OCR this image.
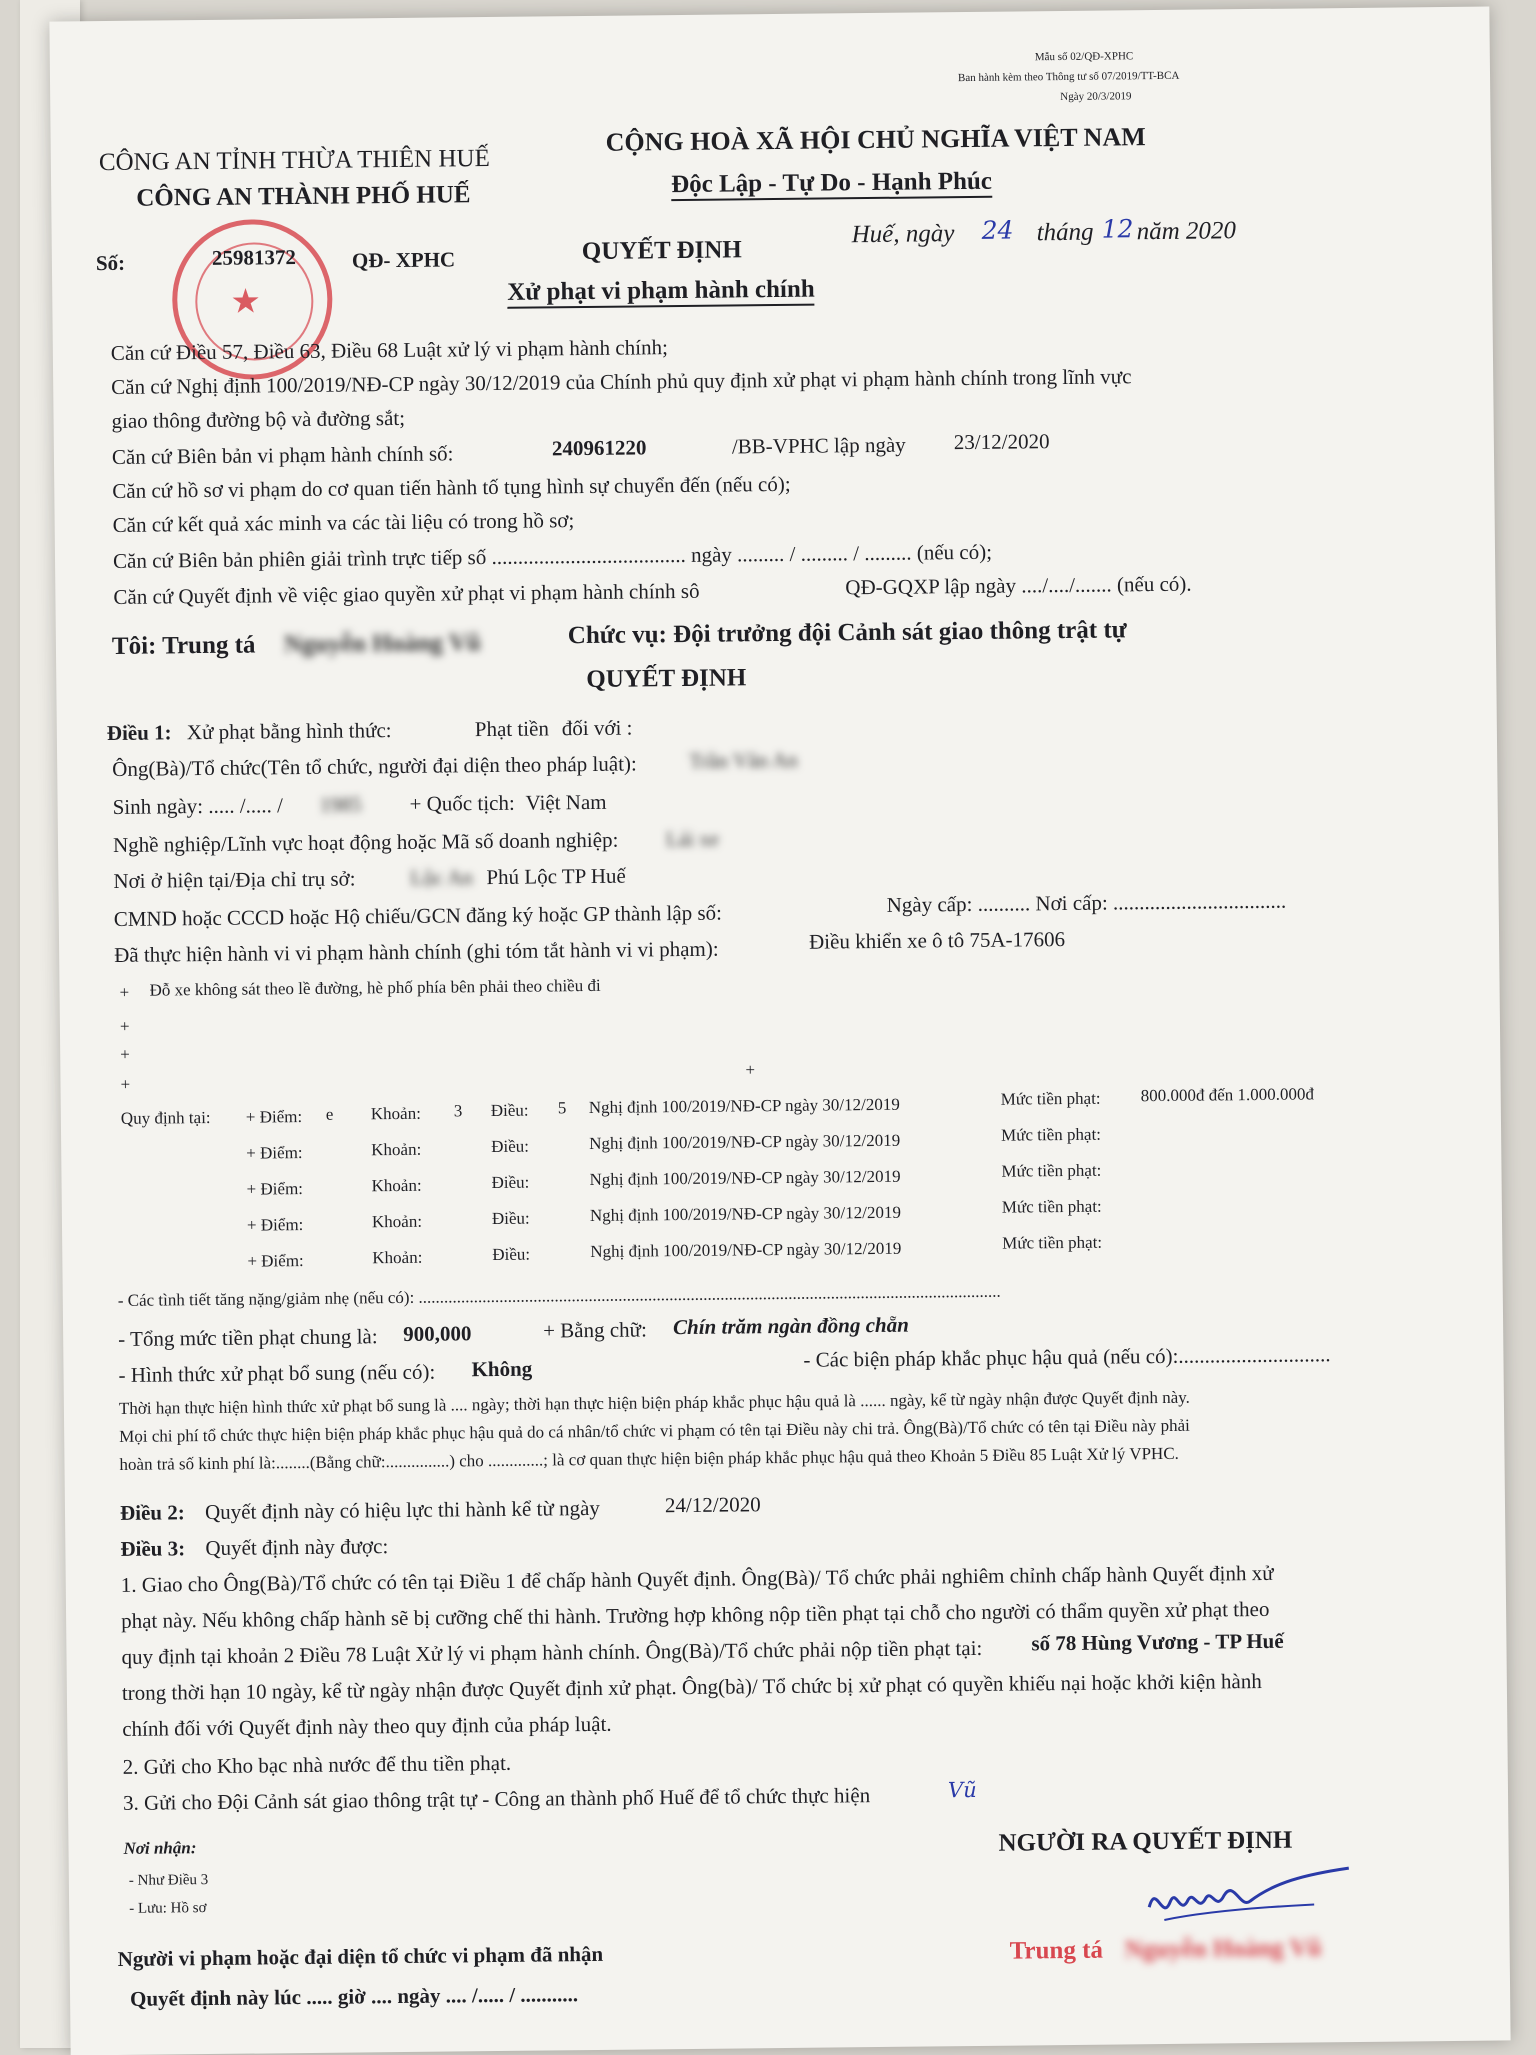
Mẫu số 02/QĐ-XPHC
Ban hành kèm theo Thông tư số 07/2019/TT-BCA
Ngày 20/3/2019
★
CÔNG AN TỈNH THỪA THIÊN HUẾ
CÔNG AN THÀNH PHỐ HUẾ
CỘNG HOÀ XÃ HỘI CHỦ NGHĨA VIỆT NAM
Độc Lập - Tự Do - Hạnh Phúc
Số:	25981372	QĐ- XPHC	QUYẾT ĐỊNH
Xử phạt vi phạm hành chính
Huế, ngày 24 tháng 12 năm 2020
Căn cứ Điều 57, Điều 63, Điều 68 Luật xử lý vi phạm hành chính;
Căn cứ Nghị định 100/2019/NĐ-CP ngày 30/12/2019 của Chính phủ quy định xử phạt vi phạm hành chính trong lĩnh vực
giao thông đường bộ và đường sắt;
Căn cứ Biên bản vi phạm hành chính số:	240961220	/BB-VPHC lập ngày 23/12/2020
Căn cứ hồ sơ vi phạm do cơ quan tiến hành tố tụng hình sự chuyển đến (nếu có);
Căn cứ kết quả xác minh va các tài liệu có trong hồ sơ;
Căn cứ Biên bản phiên giải trình trực tiếp số ..................................... ngày ......... / ......... / ......... (nếu có);
Căn cứ Quyết định về việc giao quyền xử phạt vi phạm hành chính sô	QĐ-GQXP lập ngày ..../..../....... (nếu có).
Tôi: Trung tá Nguyễn Hoàng Vũ	Chức vụ: Đội trưởng đội Cảnh sát giao thông trật tự
QUYẾT ĐỊNH
Điều 1: Xử phạt bằng hình thức:	Phạt tiền đối với :
Ông(Bà)/Tổ chức(Tên tổ chức, người đại diện theo pháp luật): Trần Văn An
Sinh ngày: ..... /..... / 1985 + Quốc tịch: Việt Nam
Nghề nghiệp/Lĩnh vực hoạt động hoặc Mã số doanh nghiệp: Lái xe
Nơi ở hiện tại/Địa chỉ trụ sở:	Lộc An Phú Lộc TP Huế
CMND hoặc CCCD hoặc Hộ chiếu/GCN đăng ký hoặc GP thành lập số:	Ngày cấp: .......... Nơi cấp: .................................
Đã thực hiện hành vi vi phạm hành chính (ghi tóm tắt hành vi vi phạm):	Điều khiển xe ô tô 75A-17606
+ Đỗ xe không sát theo lề đường, hè phố phía bên phải theo chiều đi
+
+
+
+
Quy định tại: + Điểm: e Khoản: 3 Điều: 5 Nghị định 100/2019/NĐ-CP ngày 30/12/2019	Mức tiền phạt: 800.000đ đến 1.000.000đ
+ Điểm:	Khoản:	Điều:	Nghị định 100/2019/NĐ-CP ngày 30/12/2019	Mức tiền phạt:
+ Điểm:	Khoản:	Điều:	Nghị định 100/2019/NĐ-CP ngày 30/12/2019	Mức tiền phạt:
+ Điểm:	Khoản:	Điều:	Nghị định 100/2019/NĐ-CP ngày 30/12/2019	Mức tiền phạt:
+ Điểm:	Khoản:	Điều:	Nghị định 100/2019/NĐ-CP ngày 30/12/2019	Mức tiền phạt:
- Các tình tiết tăng nặng/giảm nhẹ (nếu có): .........................................................................................................................................
- Tổng mức tiền phạt chung là: 900,000	+ Bằng chữ: Chín trăm ngàn đồng chẵn
- Hình thức xử phạt bổ sung (nếu có): Không	- Các biện pháp khắc phục hậu quả (nếu có):.............................
Thời hạn thực hiện hình thức xử phạt bổ sung là .... ngày; thời hạn thực hiện biện pháp khắc phục hậu quả là ...... ngày, kể từ ngày nhận được Quyết định này.
Mọi chi phí tổ chức thực hiện biện pháp khắc phục hậu quả do cá nhân/tổ chức vi phạm có tên tại Điều này chi trả. Ông(Bà)/Tổ chức có tên tại Điều này phải
hoàn trả số kinh phí là:........(Bằng chữ:...............) cho .............; là cơ quan thực hiện biện pháp khắc phục hậu quả theo Khoản 5 Điều 85 Luật Xử lý VPHC.
Điều 2: Quyết định này có hiệu lực thi hành kể từ ngày	24/12/2020
Điều 3: Quyết định này được:
1. Giao cho Ông(Bà)/Tổ chức có tên tại Điều 1 để chấp hành Quyết định. Ông(Bà)/ Tổ chức phải nghiêm chỉnh chấp hành Quyết định xử
phạt này. Nếu không chấp hành sẽ bị cưỡng chế thi hành. Trường hợp không nộp tiền phạt tại chỗ cho người có thẩm quyền xử phạt theo
quy định tại khoản 2 Điều 78 Luật Xử lý vi phạm hành chính. Ông(Bà)/Tổ chức phải nộp tiền phạt tại: số 78 Hùng Vương - TP Huế
trong thời hạn 10 ngày, kể từ ngày nhận được Quyết định xử phạt. Ông(bà)/ Tổ chức bị xử phạt có quyền khiếu nại hoặc khởi kiện hành
chính đối với Quyết định này theo quy định của pháp luật.
2. Gửi cho Kho bạc nhà nước để thu tiền phạt.
3. Gửi cho Đội Cảnh sát giao thông trật tự - Công an thành phố Huế để tổ chức thực hiện	Vũ
Nơi nhận:
- Như Điều 3
- Lưu: Hồ sơ
NGƯỜI RA QUYẾT ĐỊNH
Trung tá Nguyễn Hoàng Vũ
Người vi phạm hoặc đại diện tổ chức vi phạm đã nhận
Quyết định này lúc ..... giờ .... ngày .... /..... / ...........
